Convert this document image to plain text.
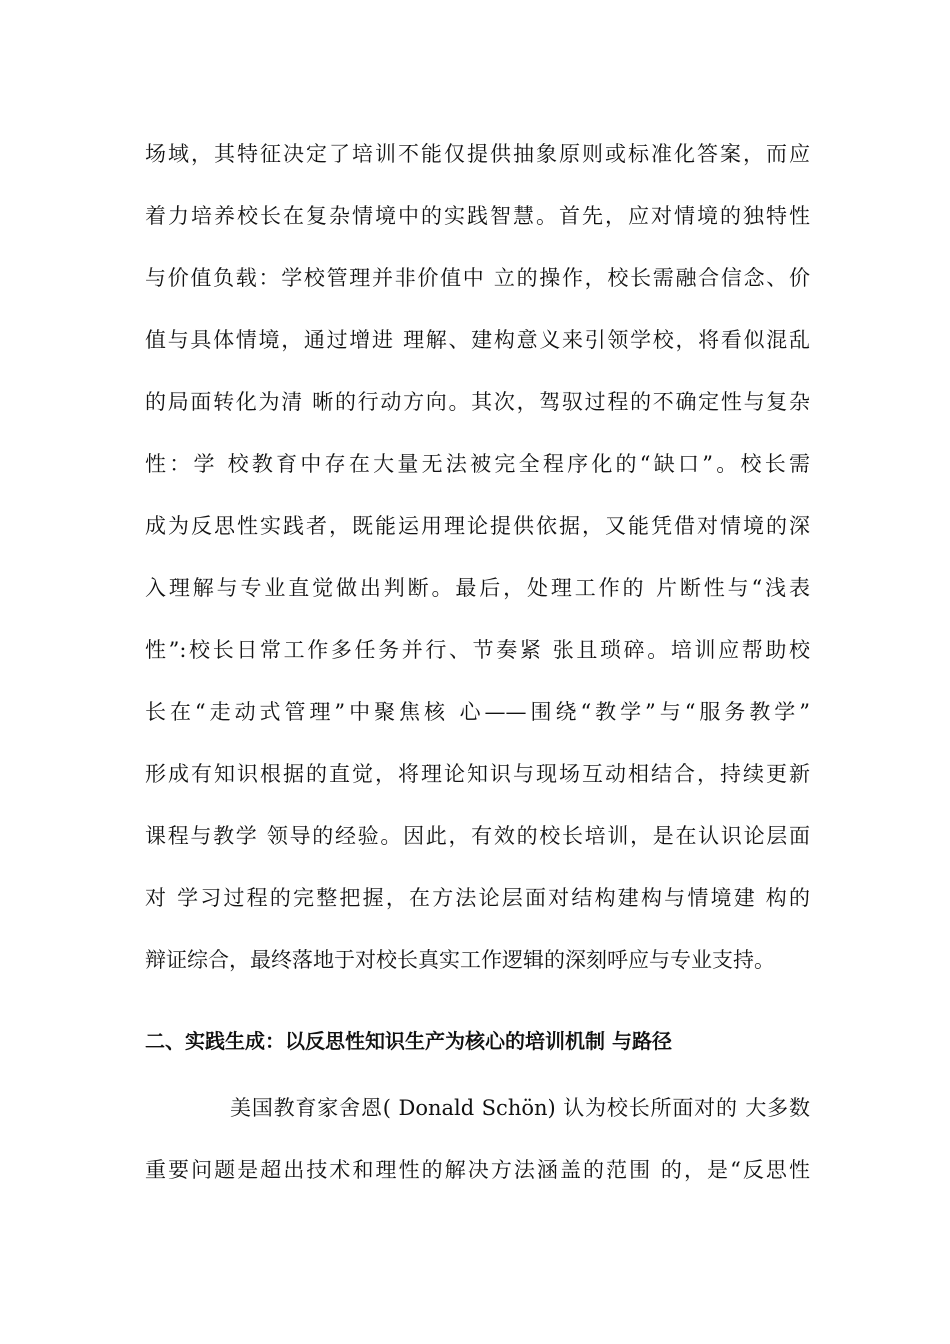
场域，其特征决定了培训不能仅提供抽象原则或标准化答案，而应
着力培养校长在复杂情境中的实践智慧。首先，应对情境的独特性
与价值负载：学校管理并非价值中 立的操作，校长需融合信念、价
值与具体情境，通过增进 理解、建构意义来引领学校，将看似混乱
的局面转化为清 晰的行动方向。其次，驾驭过程的不确定性与复杂
性：学 校教育中存在大量无法被完全程序化的“缺口”。校长需
成为反思性实践者，既能运用理论提供依据，又能凭借对情境的深
入理解与专业直觉做出判断。最后，处理工作的 片断性与“浅表
性”:校长日常工作多任务并行、节奏紧 张且琐碎。培训应帮助校
长在“走动式管理”中聚焦核 心——围绕“教学”与“服务教学”
形成有知识根据的直觉，将理论知识与现场互动相结合，持续更新
课程与教学 领导的经验。因此，有效的校长培训，是在认识论层面
对 学习过程的完整把握，在方法论层面对结构建构与情境建 构的
辩证综合，最终落地于对校长真实工作逻辑的深刻呼应与专业支持。
二、实践生成：以反思性知识生产为核心的培训机制 与路径
美国教育家舍恩( Donald Schön) 认为校长所面对的 大多数
重要问题是超出技术和理性的解决方法涵盖的范围 的，是“反思性
